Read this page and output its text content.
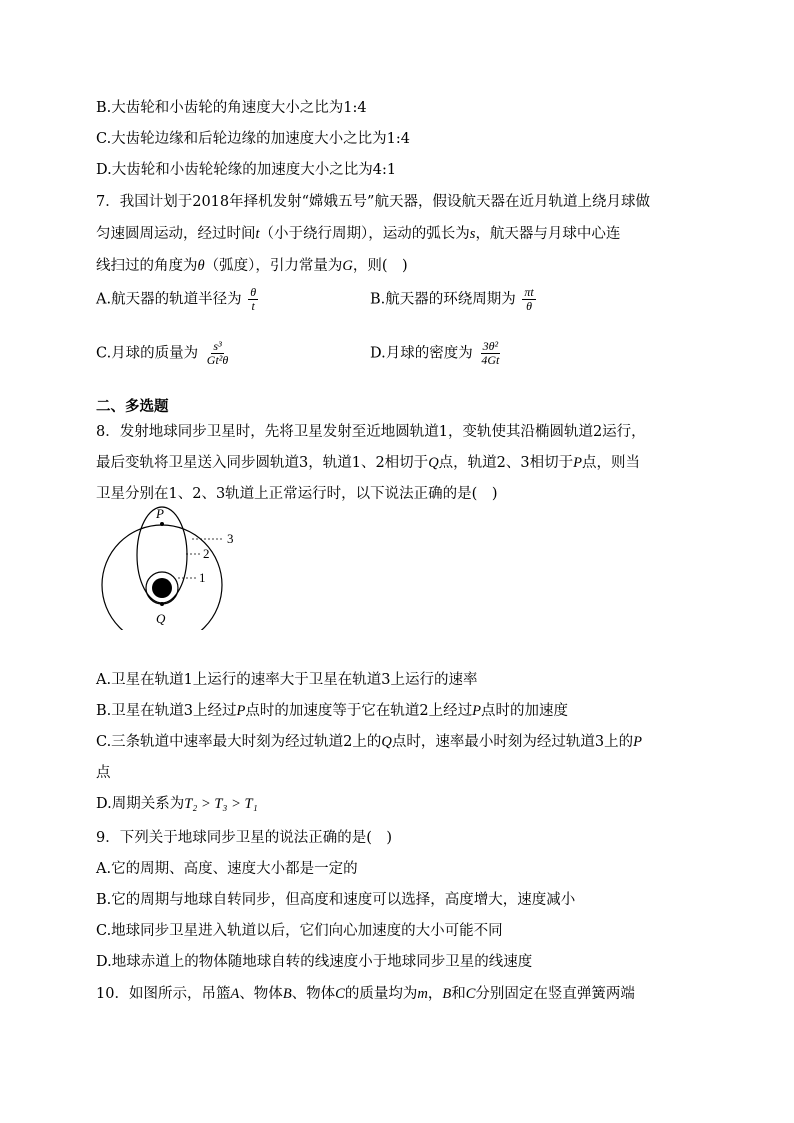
B.大齿轮和小齿轮的角速度大小之比为1:4
C.大齿轮边缘和后轮边缘的加速度大小之比为1:4
D.大齿轮和小齿轮轮缘的加速度大小之比为4:1
7．我国计划于2018年择机发射“嫦娥五号”航天器，假设航天器在近月轨道上绕月球做
匀速圆周运动，经过时间t（小于绕行周期），运动的弧长为s，航天器与月球中心连
线扫过的角度为θ（弧度），引力常量为G，则(　)
A.航天器的轨道半径为 $\frac{\theta}{t}$	B.航天器的环绕周期为 $\frac{\pi t}{\theta}$
C.月球的质量为 $\frac{\text{s³}}{\text{Gt²θ}}$	D.月球的密度为 $\frac{\text{3θ²}}{4Gt}$
二、多选题
8．发射地球同步卫星时，先将卫星发射至近地圆轨道1，变轨使其沿椭圆轨道2运行，
最后变轨将卫星送入同步圆轨道3，轨道1、2相切于Q点，轨道2、3相切于P点，则当
卫星分别在1、2、3轨道上正常运行时，以下说法正确的是(　)
P
Q
3
2
1
A.卫星在轨道1上运行的速率大于卫星在轨道3上运行的速率
B.卫星在轨道3上经过P点时的加速度等于它在轨道2上经过P点时的加速度
C.三条轨道中速率最大时刻为经过轨道2上的Q点时，速率最小时刻为经过轨道3上的P
点
D.周期关系为T₂ > T₃ > T₁
9．下列关于地球同步卫星的说法正确的是(　)
A.它的周期、高度、速度大小都是一定的
B.它的周期与地球自转同步，但高度和速度可以选择，高度增大，速度减小
C.地球同步卫星进入轨道以后，它们向心加速度的大小可能不同
D.地球赤道上的物体随地球自转的线速度小于地球同步卫星的线速度
10．如图所示，吊篮A、物体B、物体C的质量均为m，B和C分别固定在竖直弹簧两端
